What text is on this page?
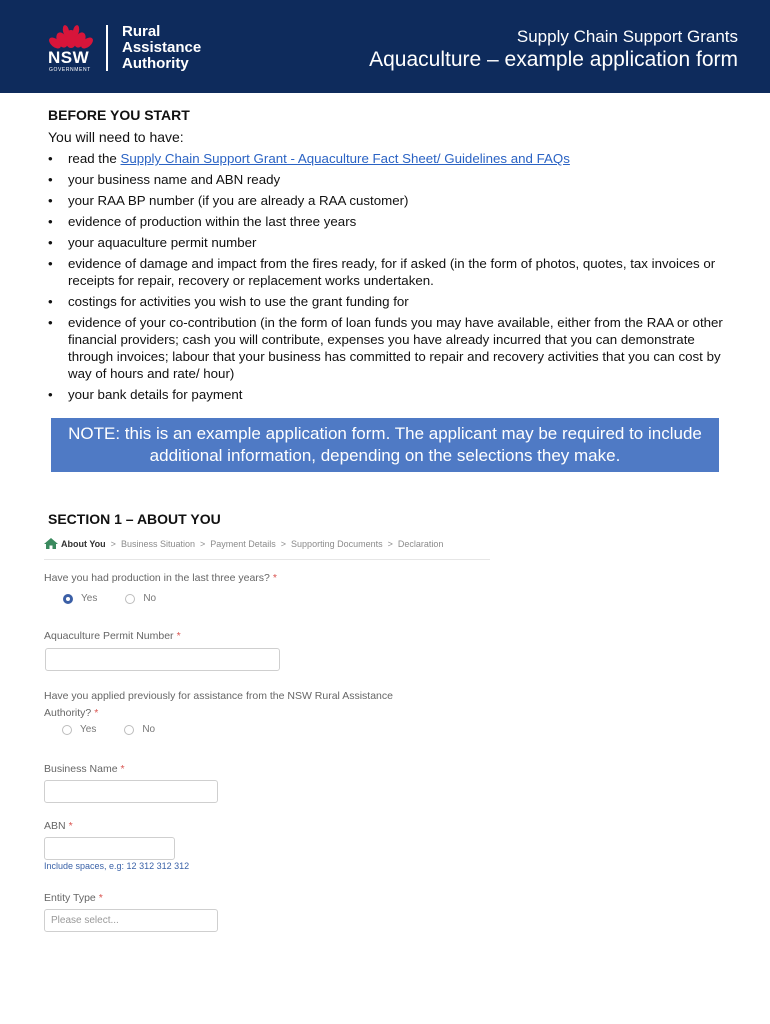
NSW
GOVERNMENT
Rural
Assistance
Authority
Supply Chain Support Grants
Aquaculture – example application form
BEFORE YOU START
You will need to have:
• read the Supply Chain Support Grant - Aquaculture Fact Sheet/ Guidelines and FAQs
• your business name and ABN ready
• your RAA BP number (if you are already a RAA customer)
• evidence of production within the last three years
• your aquaculture permit number
• evidence of damage and impact from the fires ready, for if asked (in the form of photos, quotes, tax invoices or receipts for repair, recovery or replacement works undertaken.
• costings for activities you wish to use the grant funding for
• evidence of your co-contribution (in the form of loan funds you may have available, either from the RAA or other financial providers; cash you will contribute, expenses you have already incurred that you can demonstrate through invoices; labour that your business has committed to repair and recovery activities that you can cost by way of hours and rate/ hour)
• your bank details for payment
NOTE: this is an example application form. The applicant may be required to include additional information, depending on the selections they make.
SECTION 1 – ABOUT YOU
About You > Business Situation > Payment Details > Supporting Documents > Declaration
Have you had production in the last three years? *
Yes	No
Aquaculture Permit Number *
Have you applied previously for assistance from the NSW Rural Assistance
Authority? *
Yes	No
Business Name *
ABN *
Include spaces, e.g: 12 312 312 312
Entity Type *
Please select...
